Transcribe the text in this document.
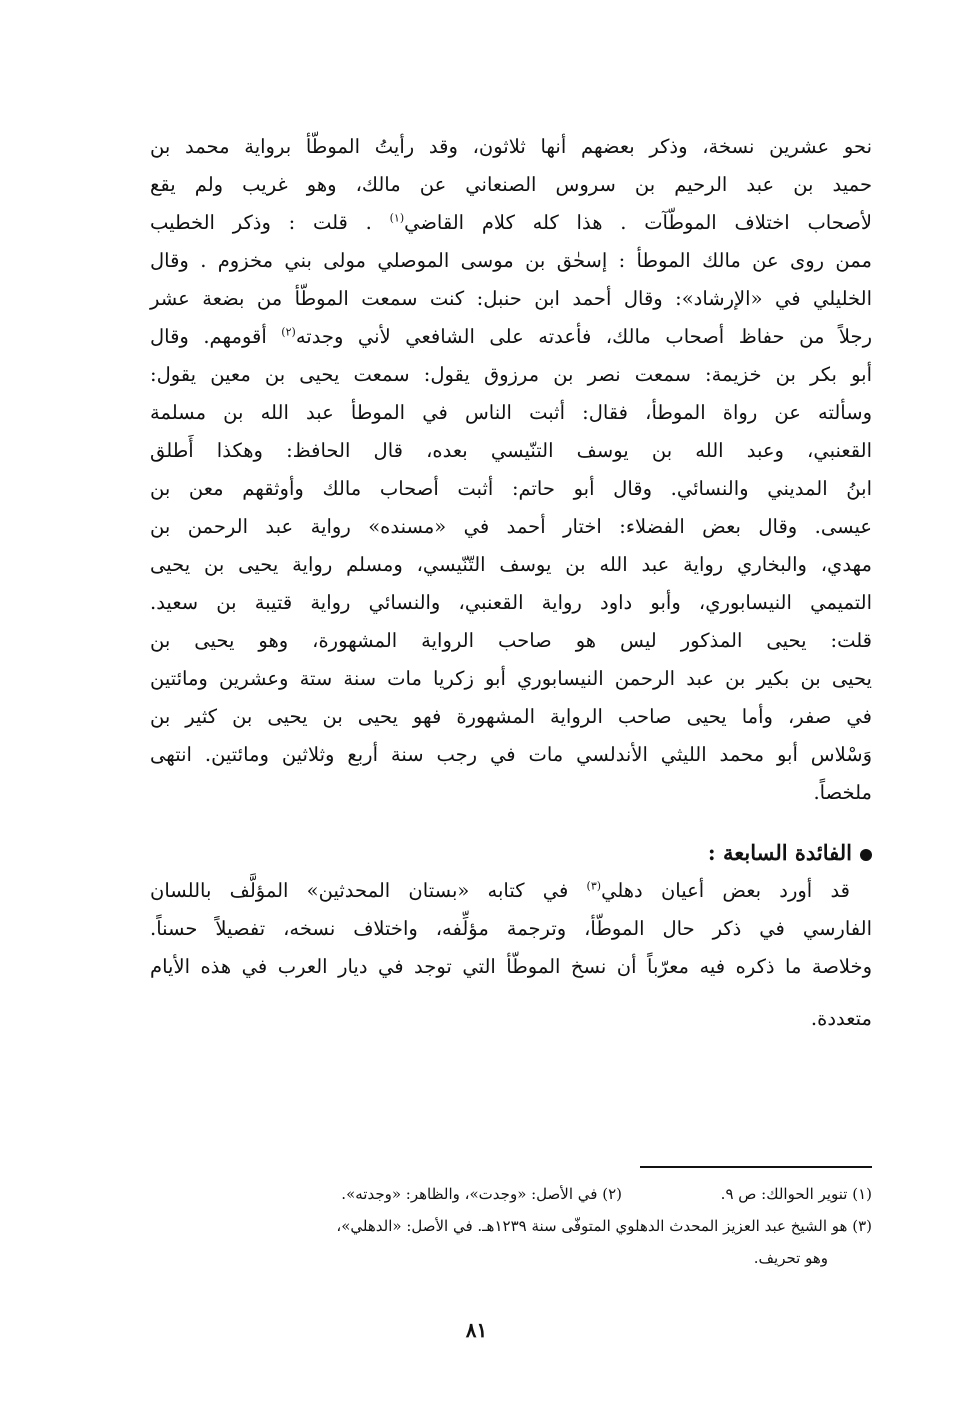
نحو عشرين نسخة، وذكر بعضهم أنها ثلاثون، وقد رأيتُ الموطّأ برواية محمد بن
حميد بن عبد الرحيم بن سروس الصنعاني عن مالك، وهو غريب ولم يقع
لأصحاب اختلاف الموطّآت . هذا كله كلام القاضي$^{(١)}$ . قلت : وذكر الخطيب
ممن روى عن مالك الموطأ : إسحٰق بن موسى الموصلي مولى بني مخزوم . وقال
الخليلي في «الإرشاد»: وقال أحمد ابن حنبل: كنت سمعت الموطّأ من بضعة عشر
رجلاً من حفاظ أصحاب مالك، فأعدته على الشافعي لأني وجدته$^{(٢)}$ أقومهم. وقال
أبو بكر بن خزيمة: سمعت نصر بن مرزوق يقول: سمعت يحيى بن معين يقول:
وسألته عن رواة الموطأ، فقال: أثبت الناس في الموطأ عبد الله بن مسلمة
القعنبي، وعبد الله بن يوسف التنّيسي بعده، قال الحافظ: وهكذا أَطلق
ابنُ المديني والنسائي. وقال أبو حاتم: أثبت أصحاب مالك وأوثقهم معن بن
عيسى. وقال بعض الفضلاء: اختار أحمد في «مسنده» رواية عبد الرحمن بن
مهدي، والبخاري رواية عبد الله بن يوسف التّنّيسي، ومسلم رواية يحيى بن يحيى
التميمي النيسابوري، وأبو داود رواية القعنبي، والنسائي رواية قتيبة بن سعيد.
قلت: يحيى المذكور ليس هو صاحب الرواية المشهورة، وهو يحيى بن
يحيى بن بكير بن عبد الرحمن النيسابوري أبو زكريا مات سنة ستة وعشرين ومائتين
في صفر، وأما يحيى صاحب الرواية المشهورة فهو يحيى بن يحيى بن كثير بن
وَسْلاس أبو محمد الليثي الأندلسي مات في رجب سنة أربع وثلاثين ومائتين. انتهى
ملخصاً.
الفائدة السابعة :
قد أورد بعض أعيان دهلي$^{(٣)}$ في كتابه «بستان المحدثين» المؤلَّف باللسان
الفارسي في ذكر حال الموطّأ، وترجمة مؤلِّفه، واختلاف نسخه، تفصيلاً حسناً.
وخلاصة ما ذكره فيه معرّباً أن نسخ الموطّأ التي توجد في ديار العرب في هذه الأيام
متعددة.
(١) تنوير الحوالك: ص ٩.
(٢) في الأصل: «وجدت»، والظاهر: «وجدته».
(٣) هو الشيخ عبد العزيز المحدث الدهلوي المتوفّى سنة ١٢٣٩هـ. في الأصل: «الدهلي»،
وهو تحريف.
٨١
